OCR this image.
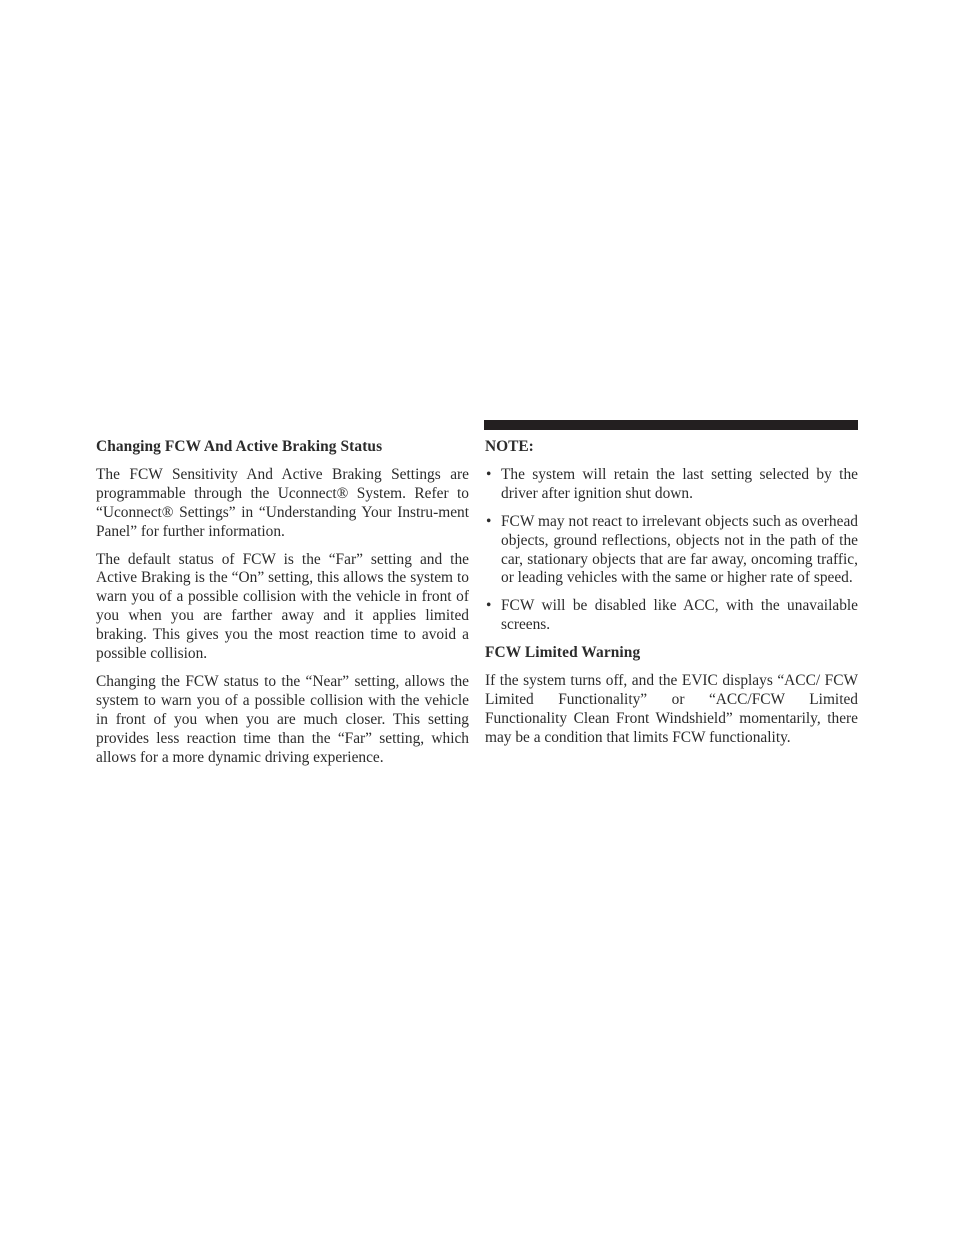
Changing FCW And Active Braking Status

The FCW Sensitivity And Active Braking Settings are programmable through the Uconnect® System. Refer to “Uconnect® Settings” in “Understanding Your Instru-ment Panel” for further information.

The default status of FCW is the “Far” setting and the Active Braking is the “On” setting, this allows the system to warn you of a possible collision with the vehicle in front of you when you are farther away and it applies limited braking. This gives you the most reaction time to avoid a possible collision.

Changing the FCW status to the “Near” setting, allows the system to warn you of a possible collision with the vehicle in front of you when you are much closer. This setting provides less reaction time than the “Far” setting, which allows for a more dynamic driving experience.

NOTE:
• The system will retain the last setting selected by the driver after ignition shut down.
• FCW may not react to irrelevant objects such as overhead objects, ground reflections, objects not in the path of the car, stationary objects that are far away, oncoming traffic, or leading vehicles with the same or higher rate of speed.
• FCW will be disabled like ACC, with the unavailable screens.
FCW Limited Warning

If the system turns off, and the EVIC displays “ACC/ FCW Limited Functionality” or “ACC/FCW Limited Functionality Clean Front Windshield” momentarily, there may be a condition that limits FCW functionality.
